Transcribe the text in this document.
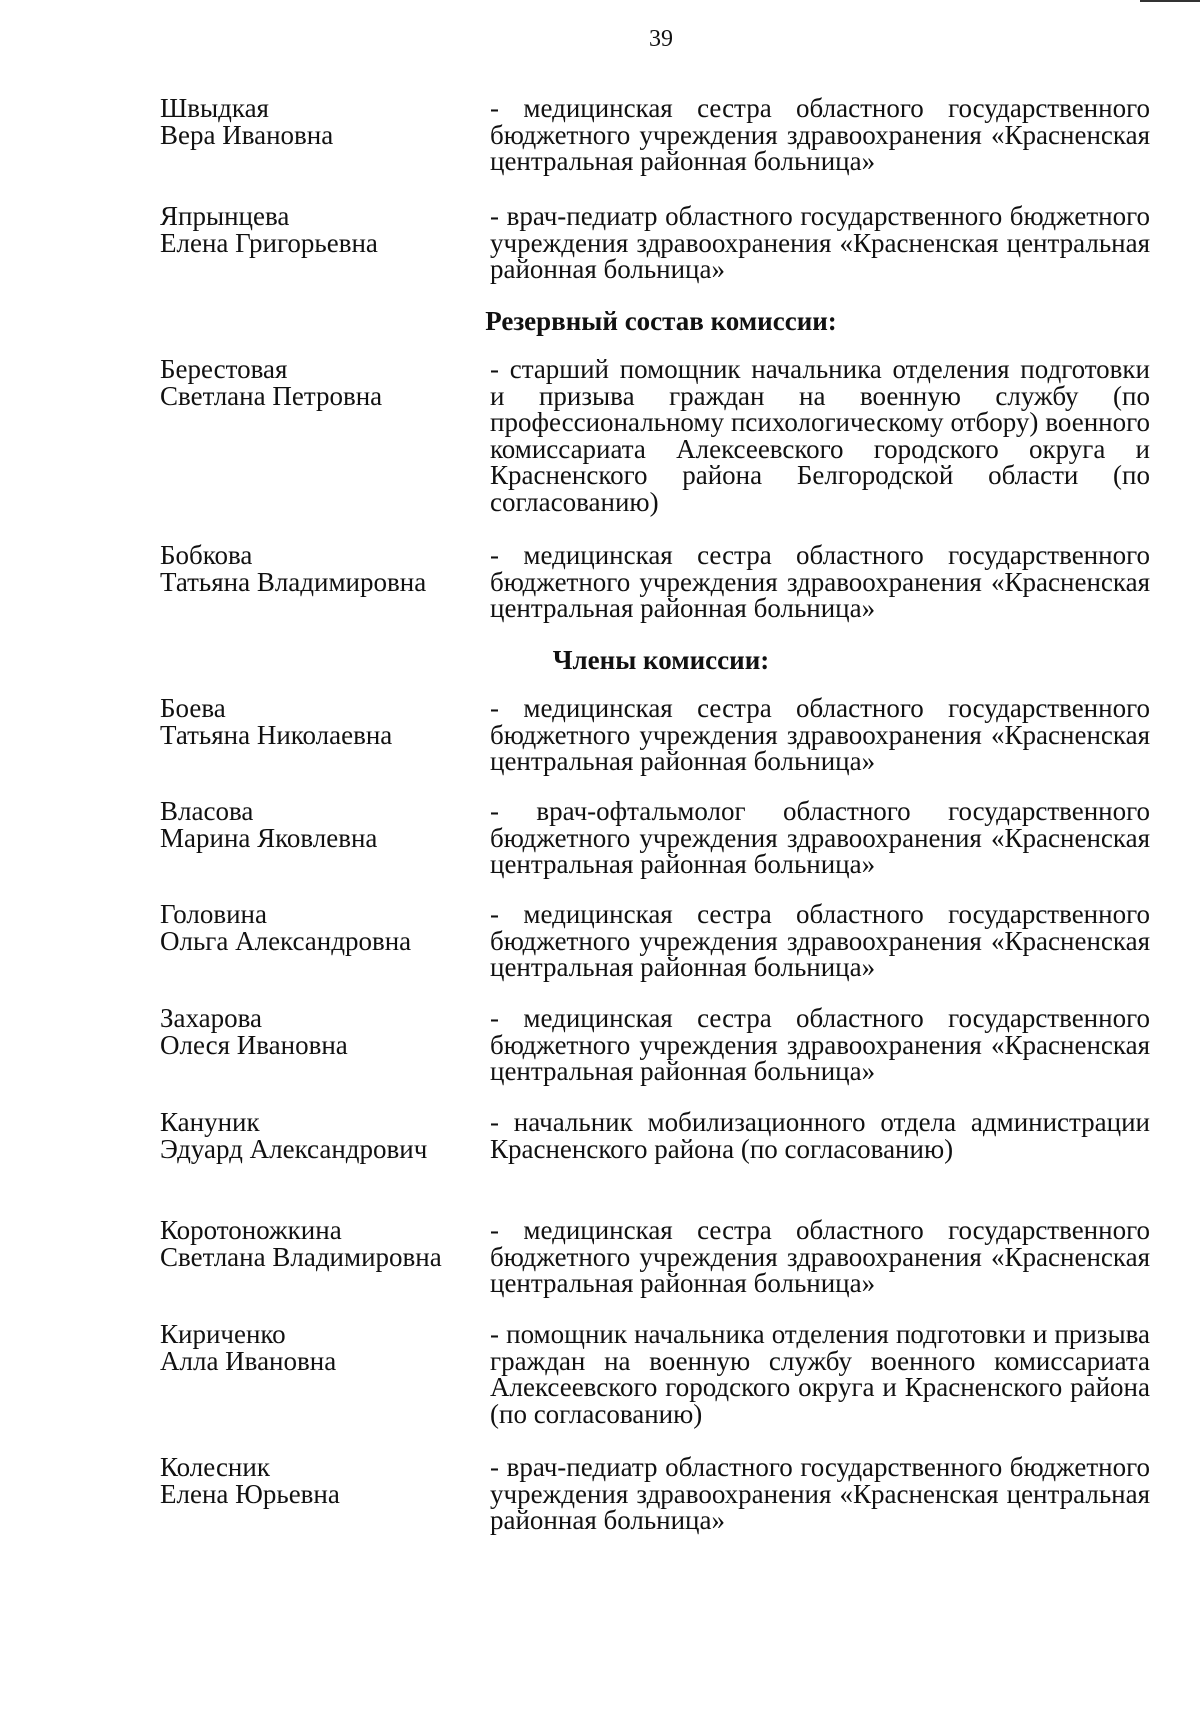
39
Швыдкая
Вера Ивановна
- медицинская сестра областного государственного бюджетного учреждения здравоохранения «Красненская центральная районная больница»
Япрынцева
Елена Григорьевна
- врач-педиатр областного государственного бюджетного учреждения здравоохранения «Красненская центральная районная больница»
Резервный состав комиссии:
Берестовая
Светлана Петровна
- старший помощник начальника отделения подготовки и призыва граждан на военную службу (по профессиональному психологическому отбору) военного комиссариата Алексеевского городского округа и Красненского района Белгородской области (по согласованию)
Бобкова
Татьяна Владимировна
- медицинская сестра областного государственного бюджетного учреждения здравоохранения «Красненская центральная районная больница»
Члены комиссии:
Боева
Татьяна Николаевна
- медицинская сестра областного государственного бюджетного учреждения здравоохранения «Красненская центральная районная больница»
Власова
Марина Яковлевна
- врач-офтальмолог областного государственного бюджетного учреждения здравоохранения «Красненская центральная районная больница»
Головина
Ольга Александровна
- медицинская сестра областного государственного бюджетного учреждения здравоохранения «Красненская центральная районная больница»
Захарова
Олеся Ивановна
- медицинская сестра областного государственного бюджетного учреждения здравоохранения «Красненская центральная районная больница»
Кануник
Эдуард Александрович
- начальник мобилизационного отдела администрации Красненского района (по согласованию)
Коротоножкина
Светлана Владимировна
- медицинская сестра областного государственного бюджетного учреждения здравоохранения «Красненская центральная районная больница»
Кириченко
Алла Ивановна
- помощник начальника отделения подготовки и призыва граждан на военную службу военного комиссариата Алексеевского городского округа и Красненского района (по согласованию)
Колесник
Елена Юрьевна
- врач-педиатр областного государственного бюджетного учреждения здравоохранения «Красненская центральная районная больница»
